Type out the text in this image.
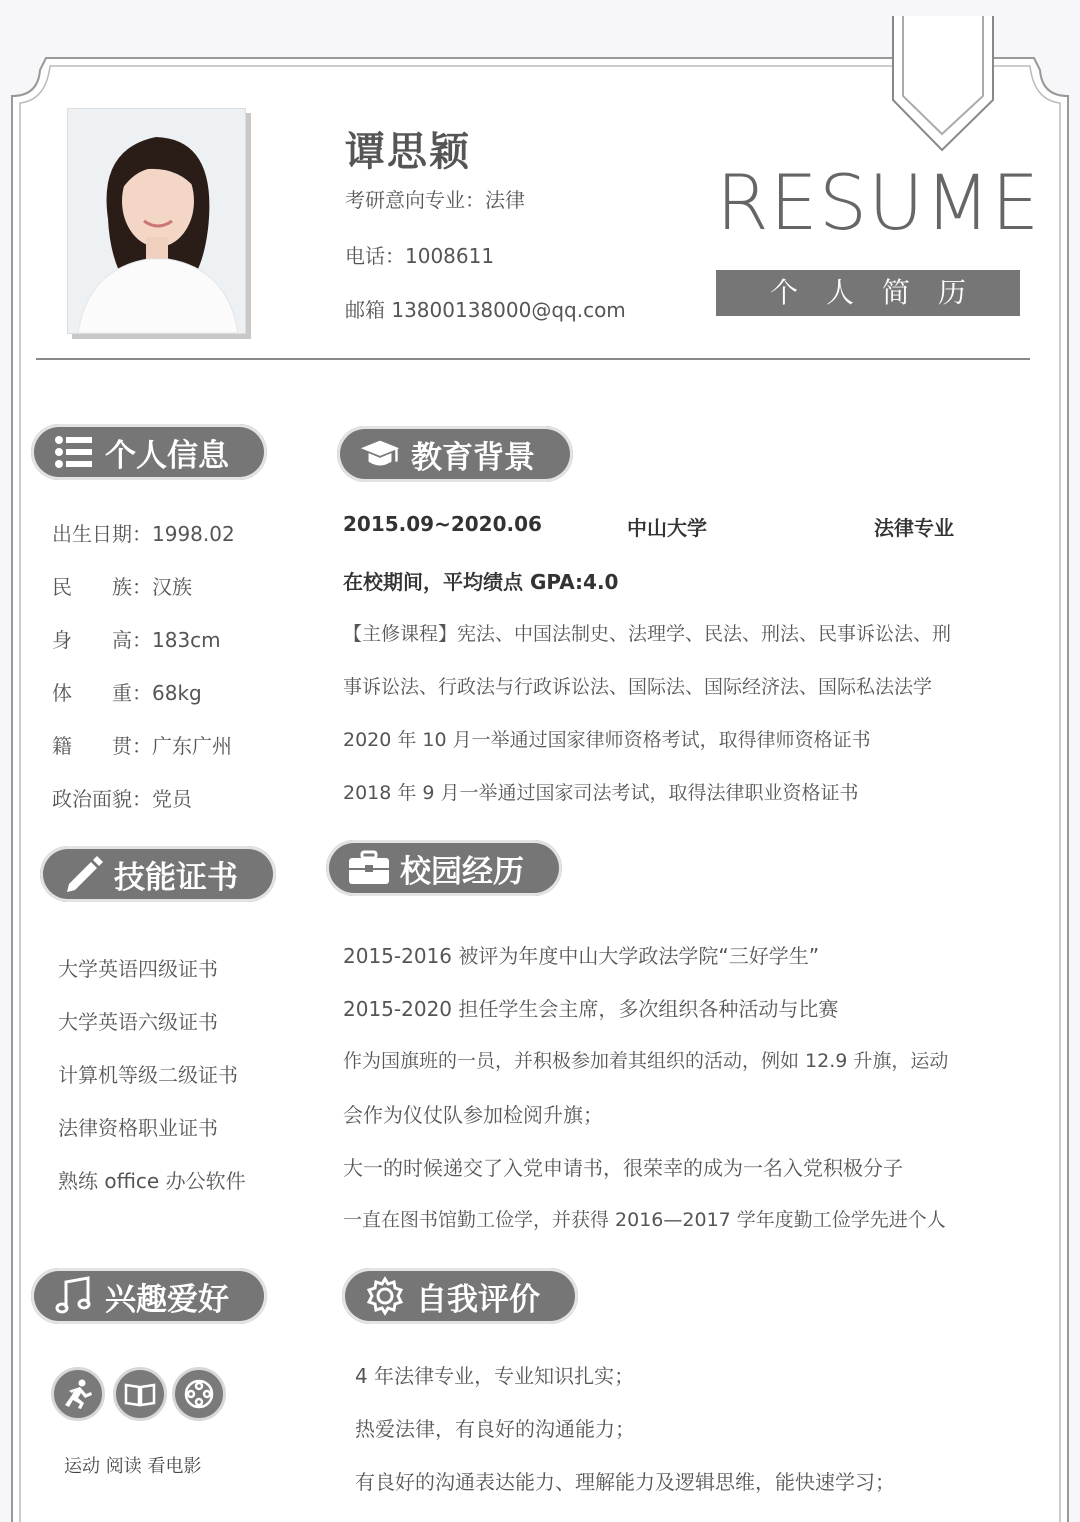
谭思颖
考研意向专业：法律
电话：1008611
邮箱 13800138000@qq.com
RESUME
个人简历
个人信息
出生日期：1998.02
民　　族：汉族
身　　高：183cm
体　　重：68kg
籍　　贯：广东广州
政治面貌：党员
教育背景
2015.09~2020.06	中山大学	法律专业
在校期间，平均绩点 GPA:4.0
【主修课程】宪法、中国法制史、法理学、民法、刑法、民事诉讼法、刑
事诉讼法、行政法与行政诉讼法、国际法、国际经济法、国际私法法学
2020 年 10 月一举通过国家律师资格考试，取得律师资格证书
2018 年 9 月一举通过国家司法考试，取得法律职业资格证书
技能证书
大学英语四级证书
大学英语六级证书
计算机等级二级证书
法律资格职业证书
熟练 office 办公软件
校园经历
2015-2016 被评为年度中山大学政法学院“三好学生”
2015-2020 担任学生会主席，多次组织各种活动与比赛
作为国旗班的一员，并积极参加着其组织的活动，例如 12.9 升旗，运动
会作为仪仗队参加检阅升旗；
大一的时候递交了入党申请书，很荣幸的成为一名入党积极分子
一直在图书馆勤工俭学，并获得 2016—2017 学年度勤工俭学先进个人
兴趣爱好
运动 阅读 看电影
自我评价
4 年法律专业，专业知识扎实；
热爱法律，有良好的沟通能力；
有良好的沟通表达能力、理解能力及逻辑思维，能快速学习；
